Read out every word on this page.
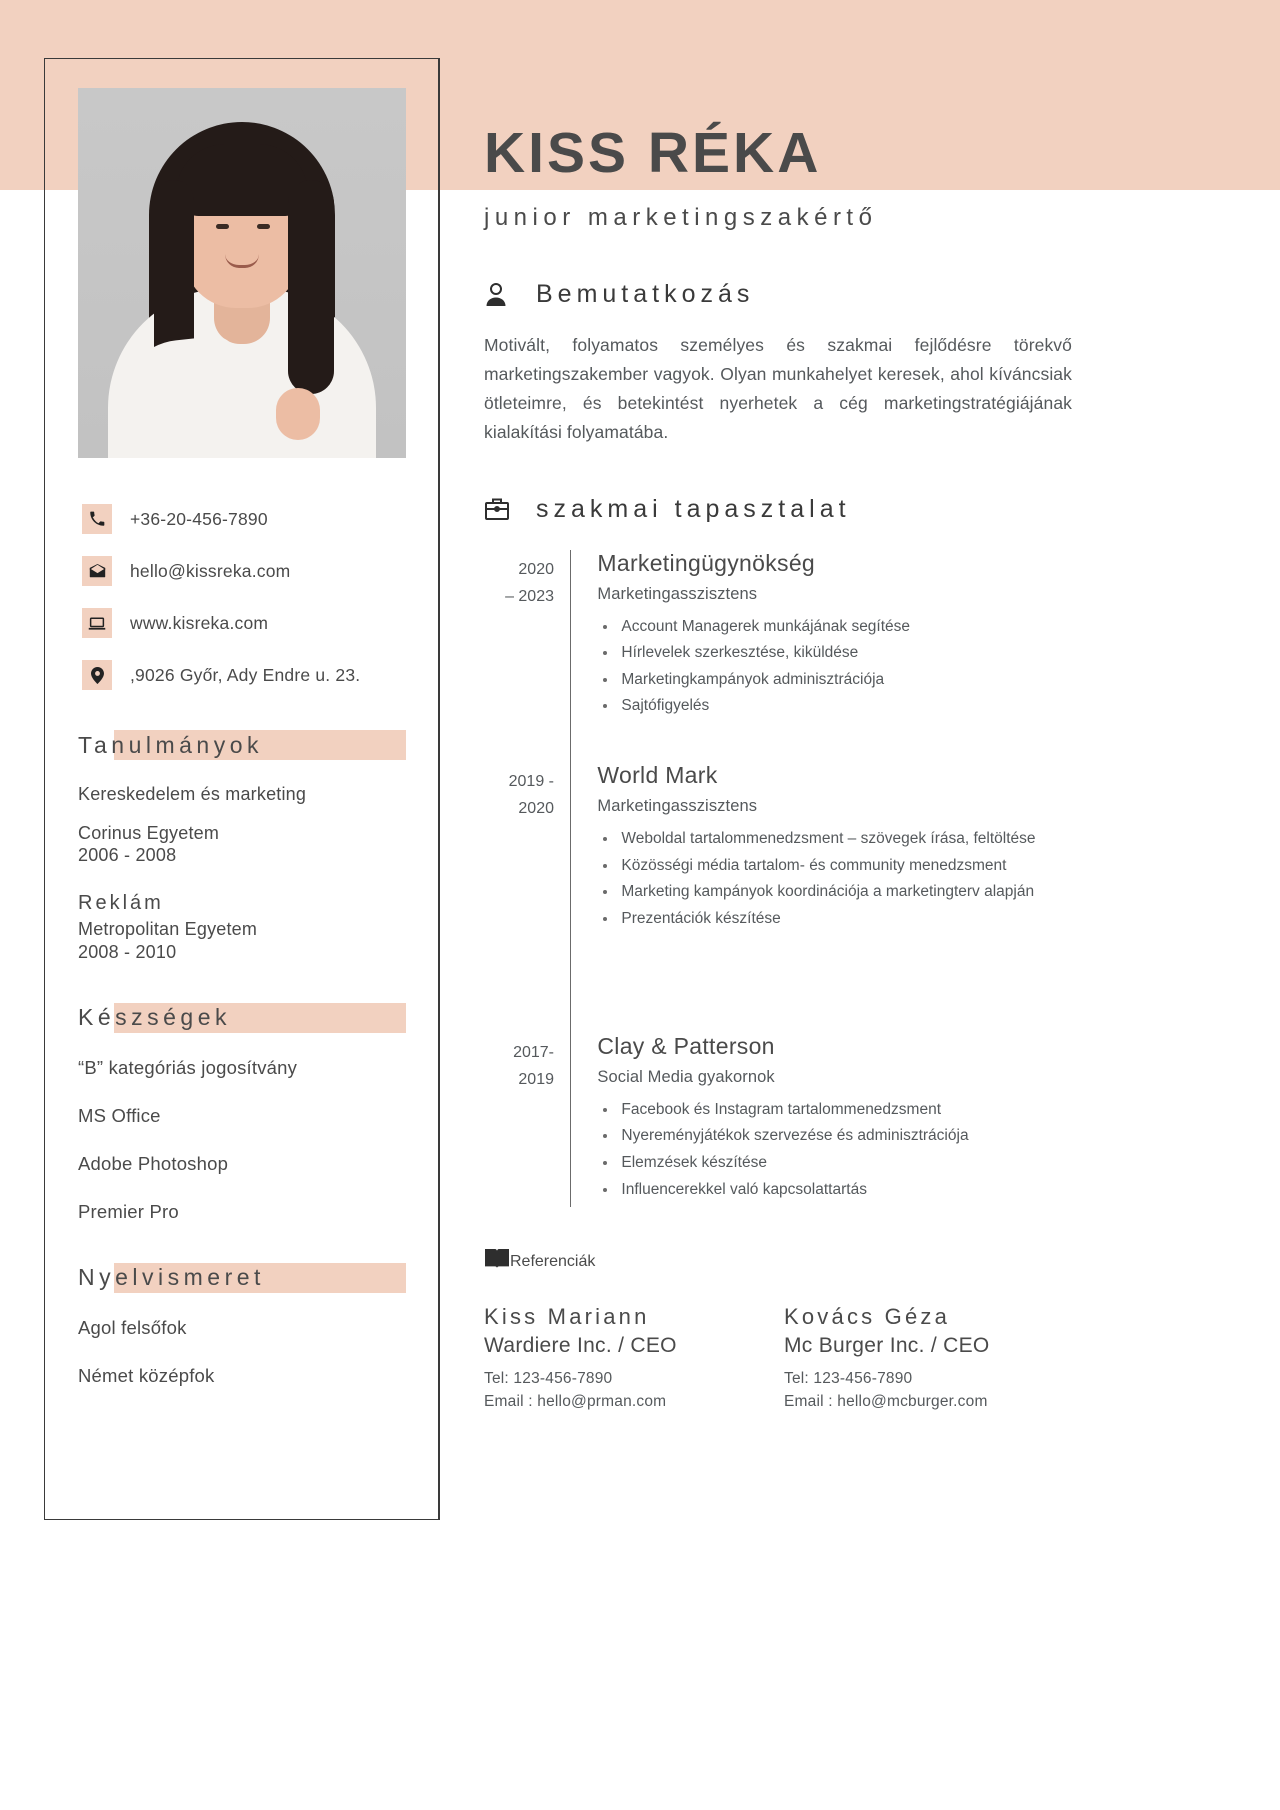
+36-20-456-7890
hello@kissreka.com
www.kisreka.com
,9026 Győr, Ady Endre u. 23.
Tanulmányok
Kereskedelem és marketing
Corinus Egyetem
2006 - 2008
Reklám
Metropolitan Egyetem
2008 - 2010
Készségek
“B” kategóriás jogosítvány
MS Office
Adobe Photoshop
Premier Pro
Nyelvismeret
Agol felsőfok
Német középfok
KISS RÉKA
junior marketingszakértő
Bemutatkozás
Motivált, folyamatos személyes és szakmai fejlődésre törekvő marketingszakember vagyok. Olyan munkahelyet keresek, ahol kíváncsiak ötleteimre, és betekintést nyerhetek a cég marketingstratégiájának kialakítási folyamatába.
szakmai tapasztalat
2020
– 2023
Marketingügynökség
Marketingasszisztens
Account Managerek munkájának segítése
Hírlevelek szerkesztése, kiküldése
Marketingkampányok adminisztrációja
Sajtófigyelés
2019 -
2020
World Mark
Marketingasszisztens
Weboldal tartalommenedzsment – szövegek írása, feltöltése
Közösségi média tartalom- és community menedzsment
Marketing kampányok koordinációja a marketingterv alapján
Prezentációk készítése
2017-
2019
Clay & Patterson
Social Media gyakornok
Facebook és Instagram tartalommenedzsment
Nyereményjátékok szervezése és adminisztrációja
Elemzések készítése
Influencerekkel való kapcsolattartás
Referenciák
Kiss Mariann
Wardiere Inc. / CEO
Tel: 123-456-7890
Email : hello@prman.com
Kovács Géza
Mc Burger Inc. / CEO
Tel: 123-456-7890
Email : hello@mcburger.com
